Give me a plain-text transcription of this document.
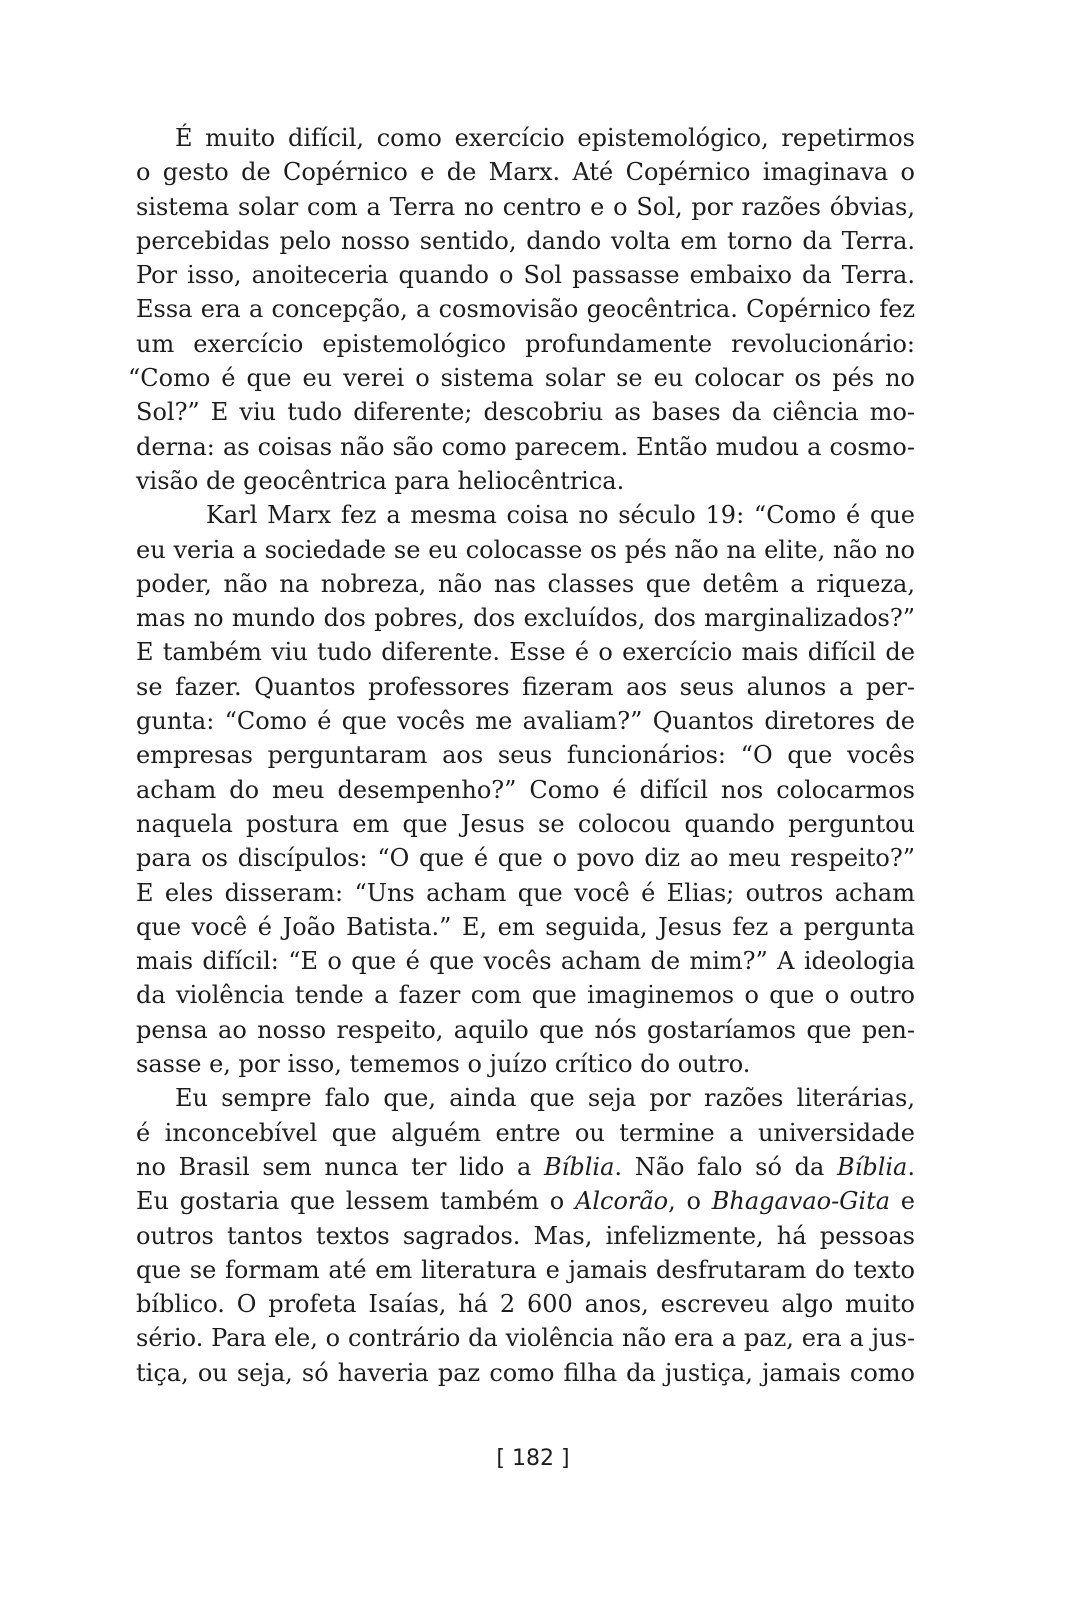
É muito difícil, como exercício epistemológico, repetirmos
o gesto de Copérnico e de Marx. Até Copérnico imaginava o
sistema solar com a Terra no centro e o Sol, por razões óbvias,
percebidas pelo nosso sentido, dando volta em torno da Terra.
Por isso, anoiteceria quando o Sol passasse embaixo da Terra.
Essa era a concepção, a cosmovisão geocêntrica. Copérnico fez
um exercício epistemológico profundamente revolucionário:
“Como é que eu verei o sistema solar se eu colocar os pés no
Sol?” E viu tudo diferente; descobriu as bases da ciência mo-
derna: as coisas não são como parecem. Então mudou a cosmo-
visão de geocêntrica para heliocêntrica.
Karl Marx fez a mesma coisa no século 19: “Como é que
eu veria a sociedade se eu colocasse os pés não na elite, não no
poder, não na nobreza, não nas classes que detêm a riqueza,
mas no mundo dos pobres, dos excluídos, dos marginalizados?”
E também viu tudo diferente. Esse é o exercício mais difícil de
se fazer. Quantos professores fizeram aos seus alunos a per-
gunta: “Como é que vocês me avaliam?” Quantos diretores de
empresas perguntaram aos seus funcionários: “O que vocês
acham do meu desempenho?” Como é difícil nos colocarmos
naquela postura em que Jesus se colocou quando perguntou
para os discípulos: “O que é que o povo diz ao meu respeito?”
E eles disseram: “Uns acham que você é Elias; outros acham
que você é João Batista.” E, em seguida, Jesus fez a pergunta
mais difícil: “E o que é que vocês acham de mim?” A ideologia
da violência tende a fazer com que imaginemos o que o outro
pensa ao nosso respeito, aquilo que nós gostaríamos que pen-
sasse e, por isso, tememos o juízo crítico do outro.
Eu sempre falo que, ainda que seja por razões literárias,
é inconcebível que alguém entre ou termine a universidade
no Brasil sem nunca ter lido a Bíblia. Não falo só da Bíblia.
Eu gostaria que lessem também o Alcorão, o Bhagavao-Gita e
outros tantos textos sagrados. Mas, infelizmente, há pessoas
que se formam até em literatura e jamais desfrutaram do texto
bíblico. O profeta Isaías, há 2 600 anos, escreveu algo muito
sério. Para ele, o contrário da violência não era a paz, era a jus-
tiça, ou seja, só haveria paz como filha da justiça, jamais como
[ 182 ]
